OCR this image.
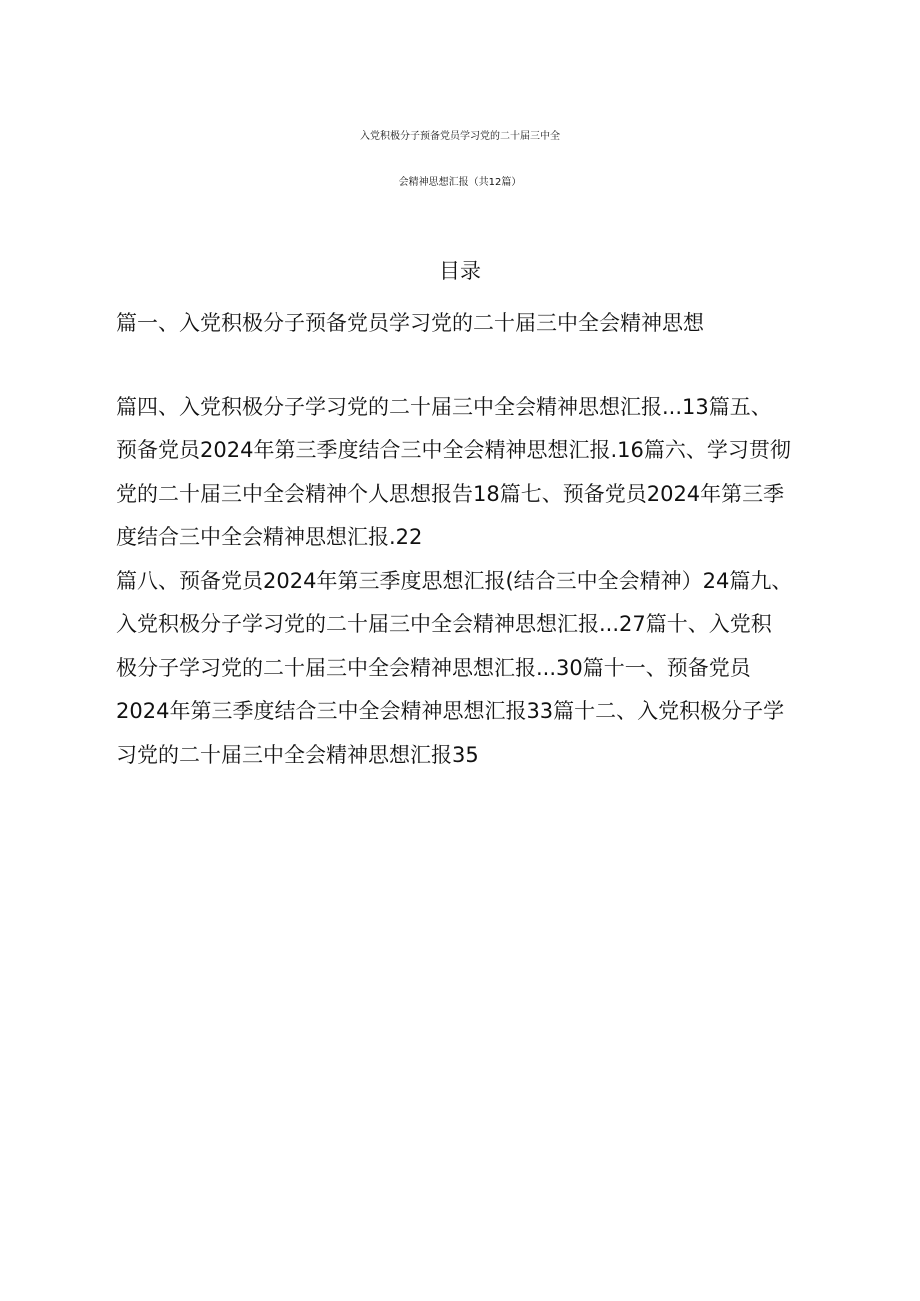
入党积极分子预备党员学习党的二十届三中全
会精神思想汇报（共12篇）
目录
篇一、入党积极分子预备党员学习党的二十届三中全会精神思想
篇四、入党积极分子学习党的二十届三中全会精神思想汇报...13篇五、
预备党员2024年第三季度结合三中全会精神思想汇报.16篇六、学习贯彻
党的二十届三中全会精神个人思想报告18篇七、预备党员2024年第三季
度结合三中全会精神思想汇报.22
篇八、预备党员2024年第三季度思想汇报(结合三中全会精神）24篇九、
入党积极分子学习党的二十届三中全会精神思想汇报...27篇十、入党积
极分子学习党的二十届三中全会精神思想汇报...30篇十一、预备党员
2024年第三季度结合三中全会精神思想汇报33篇十二、入党积极分子学
习党的二十届三中全会精神思想汇报35
